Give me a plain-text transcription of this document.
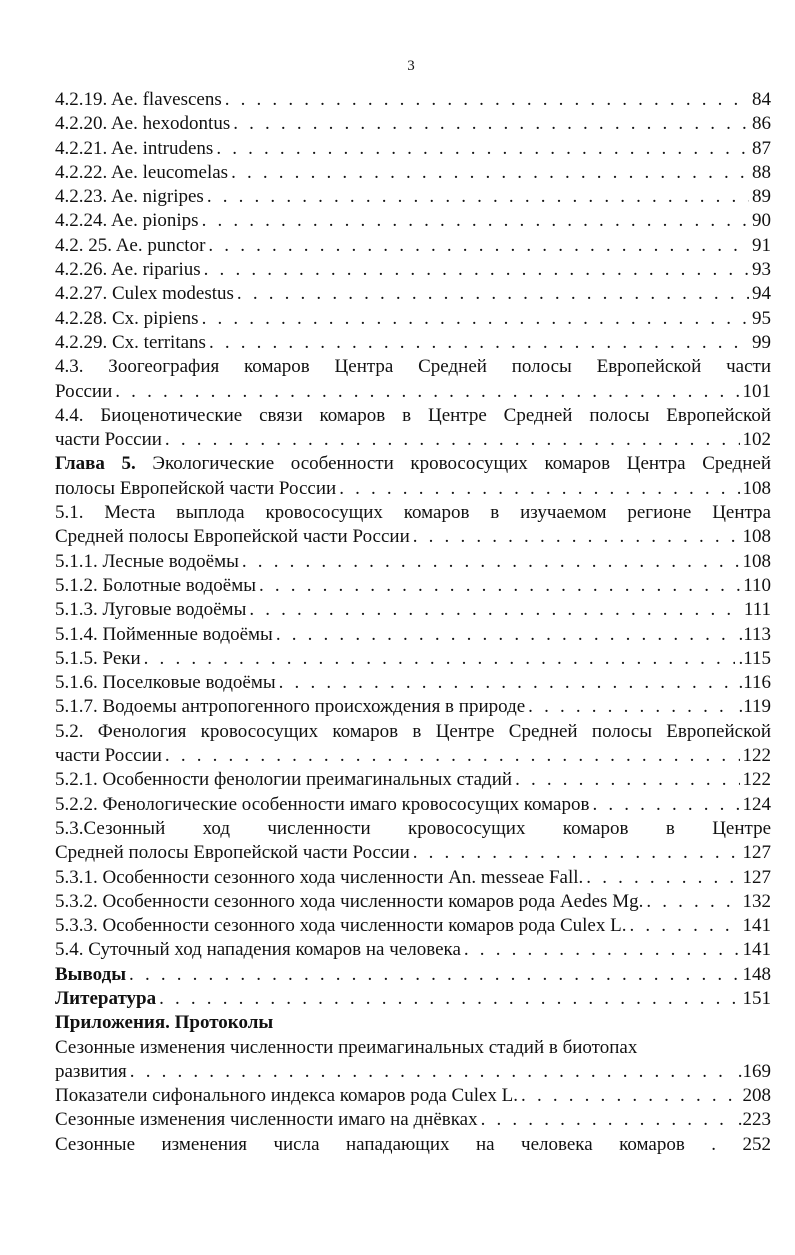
3
4.2.19. Ae. flavescens . . .	84
4.2.20. Ae. hexodontus . . .	86
4.2.21. Ae. intrudens . . .	87
4.2.22. Ae. leucomelas . . .	88
4.2.23. Ae. nigripes . . .	89
4.2.24. Ae. pionips . . .	90
4.2. 25. Ae. punctor . . .	91
4.2.26. Ae. riparius . . .	93
4.2.27. Culex modestus . . .	94
4.2.28. Cx. pipiens . . .	95
4.2.29. Cx. territans . . .	99
4.3. Зоогеография комаров Центра Средней полосы Европейской части
России . . .	101
4.4. Биоценотические связи комаров в Центре Средней полосы Европейской
части России . . .	102
Глава 5. Экологические особенности кровососущих комаров Центра Средней
полосы Европейской части России . . .	108
5.1. Места выплода кровососущих комаров в изучаемом регионе Центра
Средней полосы Европейской части России . . .	108
5.1.1. Лесные водоёмы . . .	108
5.1.2. Болотные водоёмы . . .	110
5.1.3. Луговые водоёмы . . .	111
5.1.4. Пойменные водоёмы . . .	.113
5.1.5. Реки . . .	.115
5.1.6. Поселковые водоёмы . . .	.116
5.1.7. Водоемы антропогенного происхождения в природе . . .	.119
5.2. Фенология кровососущих комаров в Центре Средней полосы Европейской
части России . . .	122
5.2.1. Особенности фенологии преимагинальных стадий . . .	122
5.2.2. Фенологические особенности имаго кровососущих комаров . . .	124
5.3.Сезонный ход численности кровососущих комаров в Центре
Средней полосы Европейской части России . . .	127
5.3.1. Особенности сезонного хода численности An. messeae Fall. . . .	127
5.3.2. Особенности сезонного хода численности комаров рода Aedes Mg. . . .	132
5.3.3. Особенности сезонного хода численности комаров рода Culex L. . . .	141
5.4. Суточный ход нападения комаров на человека . . .	141
Выводы . . .	148
Литература . . .	151
Приложения. Протоколы
Сезонные изменения численности преимагинальных стадий в биотопах
развития . . .	.169
Показатели сифонального индекса комаров рода Culex L. . . .	208
Сезонные изменения численности имаго на днёвках . . .	.223
Сезонные изменения числа нападающих на человека комаров . 252
